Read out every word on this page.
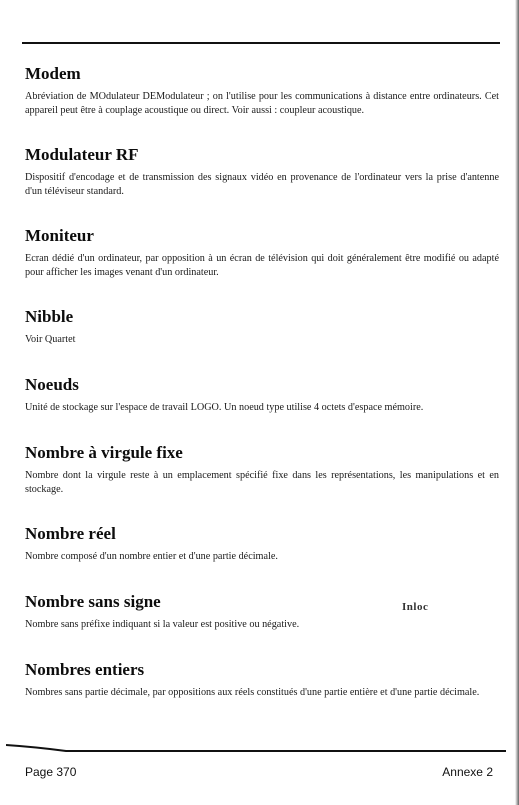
Modem

Abréviation de MOdulateur DEModulateur ; on l'utilise pour les communications à distance entre ordinateurs. Cet appareil peut être à couplage acoustique ou direct. Voir aussi : coupleur acoustique.

Modulateur RF

Dispositif d'encodage et de transmission des signaux vidéo en provenance de l'ordinateur vers la prise d'antenne d'un téléviseur standard.

Moniteur

Ecran dédié d'un ordinateur, par opposition à un écran de télévision qui doit généralement être modifié ou adapté pour afficher les images venant d'un ordinateur.

Nibble

Voir Quartet

Noeuds

Unité de stockage sur l'espace de travail LOGO. Un noeud type utilise 4 octets d'espace mémoire.

Nombre à virgule fixe

Nombre dont la virgule reste à un emplacement spécifié fixe dans les représentations, les manipulations et en stockage.

Nombre réel

Nombre composé d'un nombre entier et d'une partie décimale.

Nombre sans signe

Nombre sans préfixe indiquant si la valeur est positive ou négative.

Nombres entiers

Nombres sans partie décimale, par oppositions aux réels constitués d'une partie entière et d'une partie décimale.

Inloc
Page 370	Annexe 2
